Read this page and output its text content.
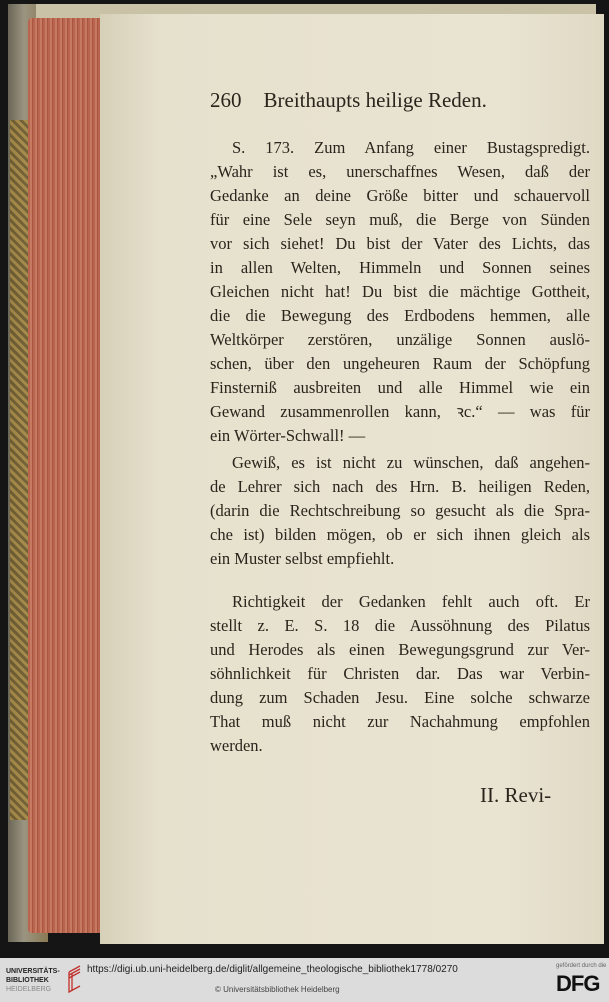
260 Breithaupts heilige Reden.
S. 173. Zum Anfang einer Bustagspredigt.
„Wahr ist es, unerschaffnes Wesen, daß der
Gedanke an deine Größe bitter und schauervoll
für eine Sele seyn muß, die Berge von Sünden
vor sich siehet! Du bist der Vater des Lichts, das
in allen Welten, Himmeln und Sonnen seines
Gleichen nicht hat! Du bist die mächtige Gottheit,
die die Bewegung des Erdbodens hemmen, alle
Weltkörper zerstören, unzälige Sonnen auslö-
schen, über den ungeheuren Raum der Schöpfung
Finsterniß ausbreiten und alle Himmel wie ein
Gewand zusammenrollen kann, ꝛc.“ — was für
ein Wörter-Schwall! —
Gewiß, es ist nicht zu wünschen, daß angehen-
de Lehrer sich nach des Hrn. B. heiligen Reden,
(darin die Rechtschreibung so gesucht als die Spra-
che ist) bilden mögen, ob er sich ihnen gleich als
ein Muster selbst empfiehlt.
Richtigkeit der Gedanken fehlt auch oft. Er
stellt z. E. S. 18 die Aussöhnung des Pilatus
und Herodes als einen Bewegungsgrund zur Ver-
söhnlichkeit für Christen dar. Das war Verbin-
dung zum Schaden Jesu. Eine solche schwarze
That muß nicht zur Nachahmung empfohlen
werden.
II. Revi-
UNIVERSITÄTS-
BIBLIOTHEK
HEIDELBERG
https://digi.ub.uni-heidelberg.de/diglit/allgemeine_theologische_bibliothek1778/0270
© Universitätsbibliothek Heidelberg
gefördert durch die
DFG
